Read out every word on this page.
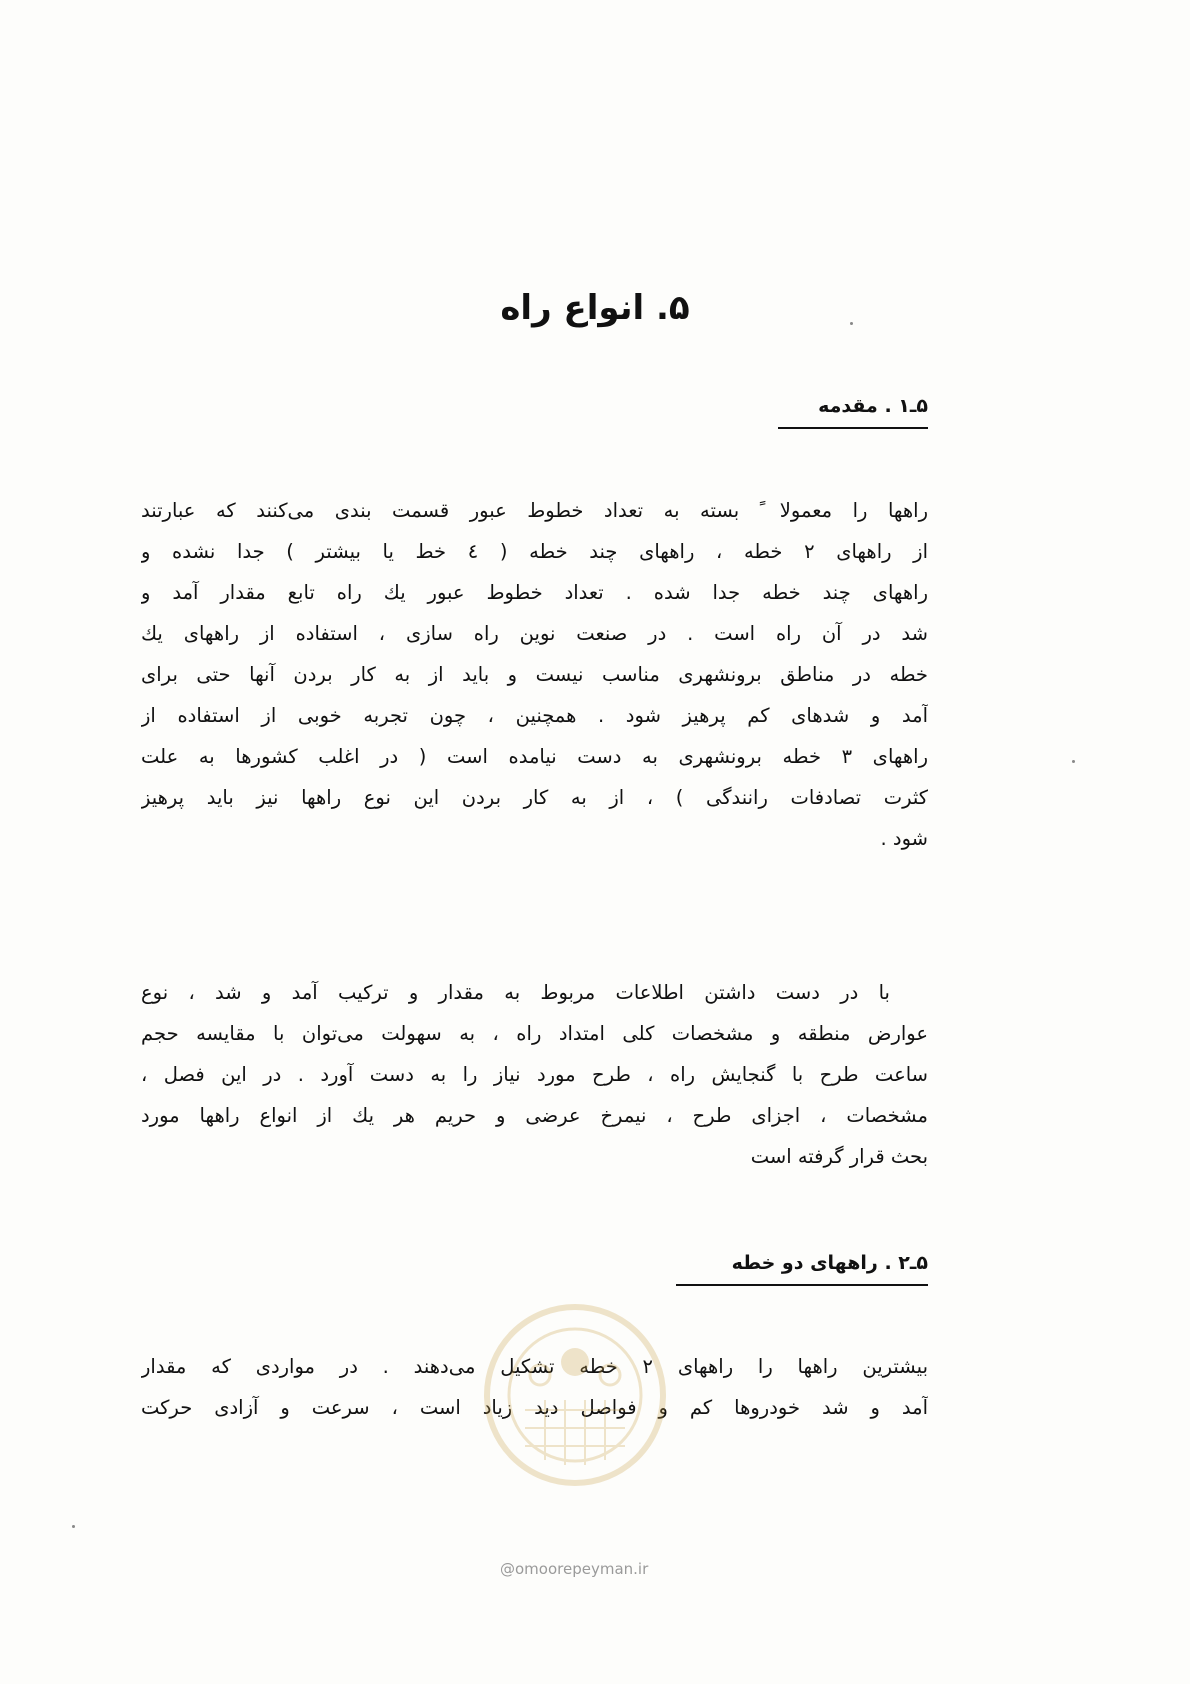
۵. انواع راه
۵ـ۱ . مقدمه
راهها را معمولا ً بسته به تعداد خطوط عبور قسمت بندی می‌کنند که عبارتند
از راههای ۲ خطه ، راههای چند خطه ( ٤ خط یا بیشتر ) جدا نشده و
راههای چند خطه جدا شده . تعداد خطوط عبور یك راه تابع مقدار آمد و
شد در آن راه است . در صنعت نوین راه سازی ، استفاده از راههای یك
خطه در مناطق برونشهری مناسب نیست و باید از به کار بردن آنها حتی برای
آمد و شدهای کم پرهیز شود . همچنین ، چون تجربه خوبی از استفاده از
راههای ۳ خطه برونشهری به دست نیامده است ( در اغلب کشورها به علت
کثرت تصادفات رانندگی ) ، از به کار بردن این نوع راهها نیز باید پرهیز
شود .
با در دست داشتن اطلاعات مربوط به مقدار و ترکیب آمد و شد ، نوع
عوارض منطقه و مشخصات کلی امتداد راه ، به سهولت می‌توان با مقایسه حجم
ساعت طرح با گنجایش راه ، طرح مورد نیاز را به دست آورد . در این فصل ،
مشخصات ، اجزای طرح ، نیمرخ عرضی و حریم هر یك از انواع راهها مورد
بحث قرار گرفته است
۵ـ۲ . راههای دو خطه
بیشترین راهها را راههای ۲ خطه تشکیل می‌دهند . در مواردی که مقدار
آمد و شد خودروها کم و فواصل دید زیاد است ، سرعت و آزادی حرکت
@omoorepeyman.ir
